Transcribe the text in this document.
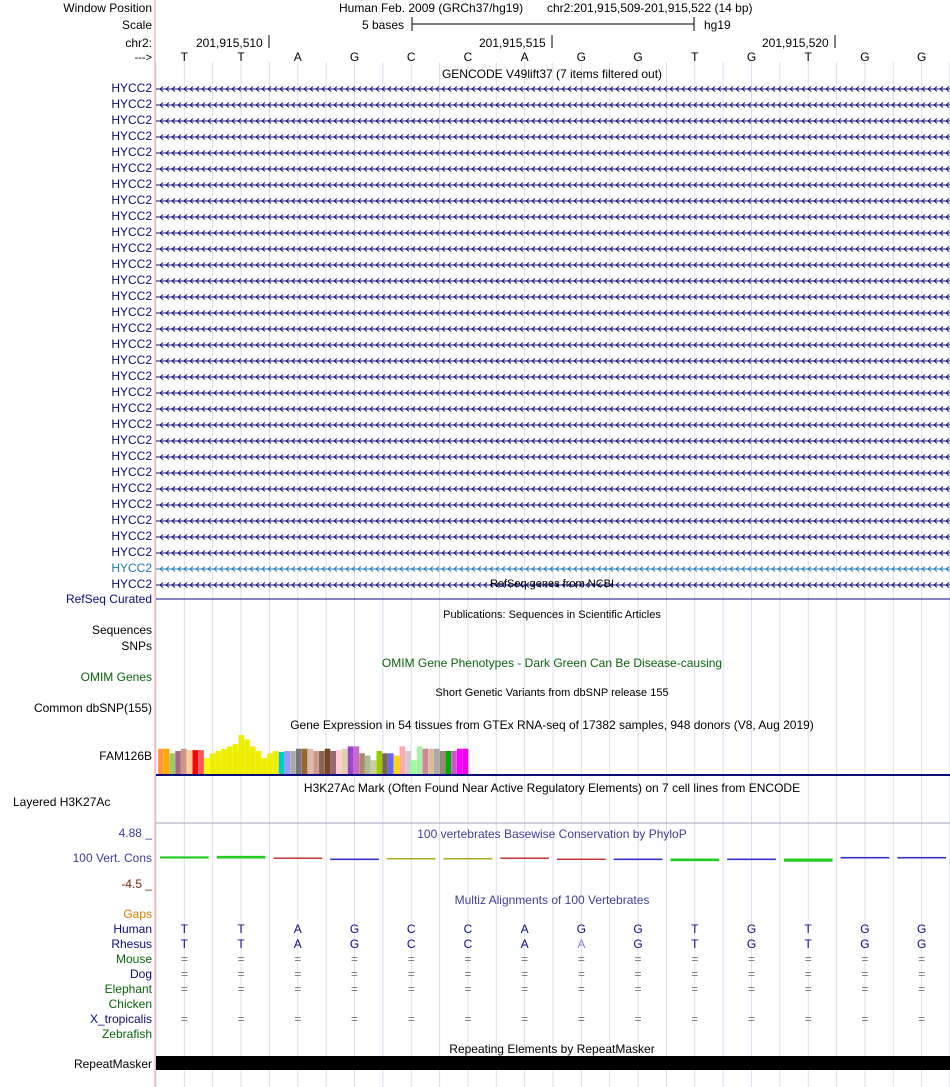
Window Position	Human Feb. 2009 (GRCh37/hg19) chr2:201,915,509-201,915,522 (14 bp)
Scale	5 bases	hg19
chr2:	201,915,510	201,915,515	201,915,520
---> T	T	A	G	C	C	A	G	G	T	G	T	G	G
GENCODE V49lift37 (7 items filtered out)
HYCC2
HYCC2
HYCC2
HYCC2
HYCC2
HYCC2
HYCC2
HYCC2
HYCC2
HYCC2
HYCC2
HYCC2
HYCC2
HYCC2
HYCC2
HYCC2
HYCC2
HYCC2
HYCC2
HYCC2
HYCC2
HYCC2
HYCC2
HYCC2
HYCC2
HYCC2
HYCC2
HYCC2
HYCC2
HYCC2
HYCC2
HYCC2	RefSeq genes from NCBI
RefSeq Curated
Publications: Sequences in Scientific Articles
Sequences
SNPs
OMIM Gene Phenotypes - Dark Green Can Be Disease-causing
OMIM Genes
Short Genetic Variants from dbSNP release 155
Common dbSNP(155)
Gene Expression in 54 tissues from GTEx RNA-seq of 17382 samples, 948 donors (V8, Aug 2019)
FAM126B
H3K27Ac Mark (Often Found Near Active Regulatory Elements) on 7 cell lines from ENCODE
Layered H3K27Ac
100 vertebrates Basewise Conservation by PhyloP
4.88 _
100 Vert. Cons
-4.5 _
Multiz Alignments of 100 Vertebrates
Gaps
Human T	T	A	G	C	C	A	G	G	T	G	T	G	G
Rhesus T	T	A	G	C	C	A	A	G	T	G	T	G	G
Mouse =	=	=	=	=	=	=	=	=	=	=	=	=	=
Dog =	=	=	=	=	=	=	=	=	=	=	=	=	=
Elephant =	=	=	=	=	=	=	=	=	=	=	=	=	=
Chicken
X_tropicalis =	=	=	=	=	=	=	=	=	=	=	=	=	=
Zebrafish
Repeating Elements by RepeatMasker
RepeatMasker
